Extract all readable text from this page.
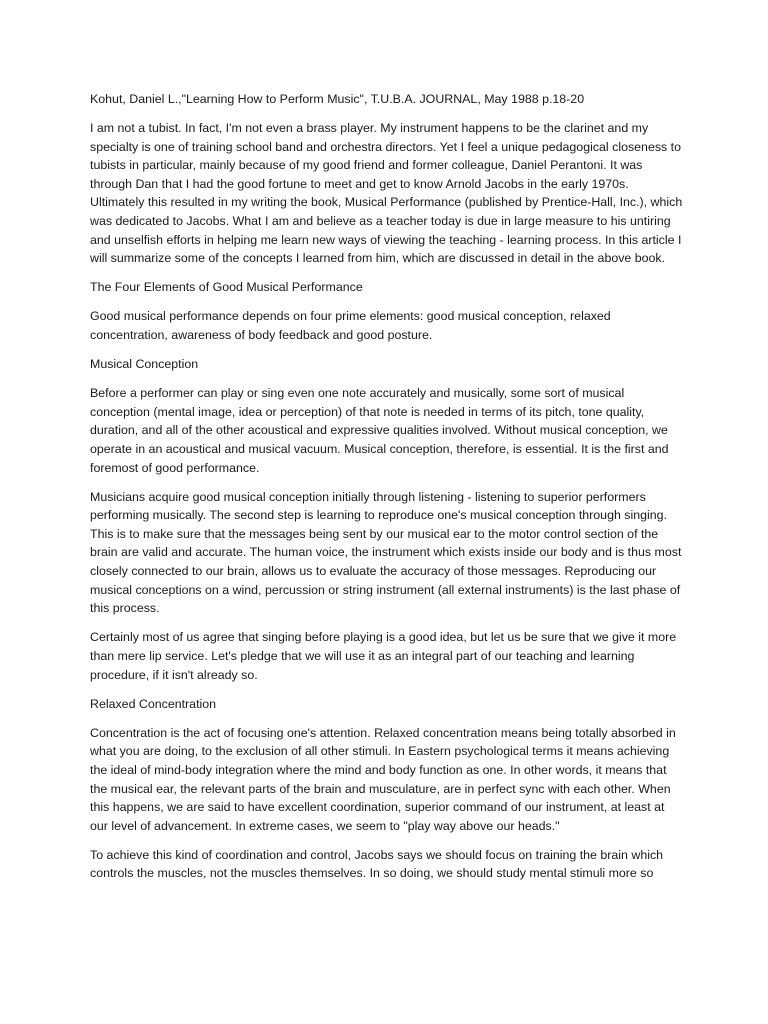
Kohut, Daniel L.,"Learning How to Perform Music", T.U.B.A. JOURNAL, May 1988 p.18-20

I am not a tubist. In fact, I'm not even a brass player. My instrument happens to be the clarinet and my specialty is one of training school band and orchestra directors. Yet I feel a unique pedagogical closeness to tubists in particular, mainly because of my good friend and former colleague, Daniel Perantoni. It was through Dan that I had the good fortune to meet and get to know Arnold Jacobs in the early 1970s. Ultimately this resulted in my writing the book, Musical Performance (published by Prentice-Hall, Inc.), which was dedicated to Jacobs. What I am and believe as a teacher today is due in large measure to his untiring and unselfish efforts in helping me learn new ways of viewing the teaching - learning process. In this article I will summarize some of the concepts I learned from him, which are discussed in detail in the above book.

The Four Elements of Good Musical Performance

Good musical performance depends on four prime elements: good musical conception, relaxed concentration, awareness of body feedback and good posture.

Musical Conception

Before a performer can play or sing even one note accurately and musically, some sort of musical conception (mental image, idea or perception) of that note is needed in terms of its pitch, tone quality, duration, and all of the other acoustical and expressive qualities involved. Without musical conception, we operate in an acoustical and musical vacuum. Musical conception, therefore, is essential. It is the first and foremost of good performance.

Musicians acquire good musical conception initially through listening - listening to superior performers performing musically. The second step is learning to reproduce one's musical conception through singing. This is to make sure that the messages being sent by our musical ear to the motor control section of the brain are valid and accurate. The human voice, the instrument which exists inside our body and is thus most closely connected to our brain, allows us to evaluate the accuracy of those messages. Reproducing our musical conceptions on a wind, percussion or string instrument (all external instruments) is the last phase of this process.

Certainly most of us agree that singing before playing is a good idea, but let us be sure that we give it more than mere lip service. Let's pledge that we will use it as an integral part of our teaching and learning procedure, if it isn't already so.

Relaxed Concentration

Concentration is the act of focusing one's attention. Relaxed concentration means being totally absorbed in what you are doing, to the exclusion of all other stimuli. In Eastern psychological terms it means achieving the ideal of mind-body integration where the mind and body function as one. In other words, it means that the musical ear, the relevant parts of the brain and musculature, are in perfect sync with each other. When this happens, we are said to have excellent coordination, superior command of our instrument, at least at our level of advancement. In extreme cases, we seem to "play way above our heads."

To achieve this kind of coordination and control, Jacobs says we should focus on training the brain which controls the muscles, not the muscles themselves. In so doing, we should study mental stimuli more so
